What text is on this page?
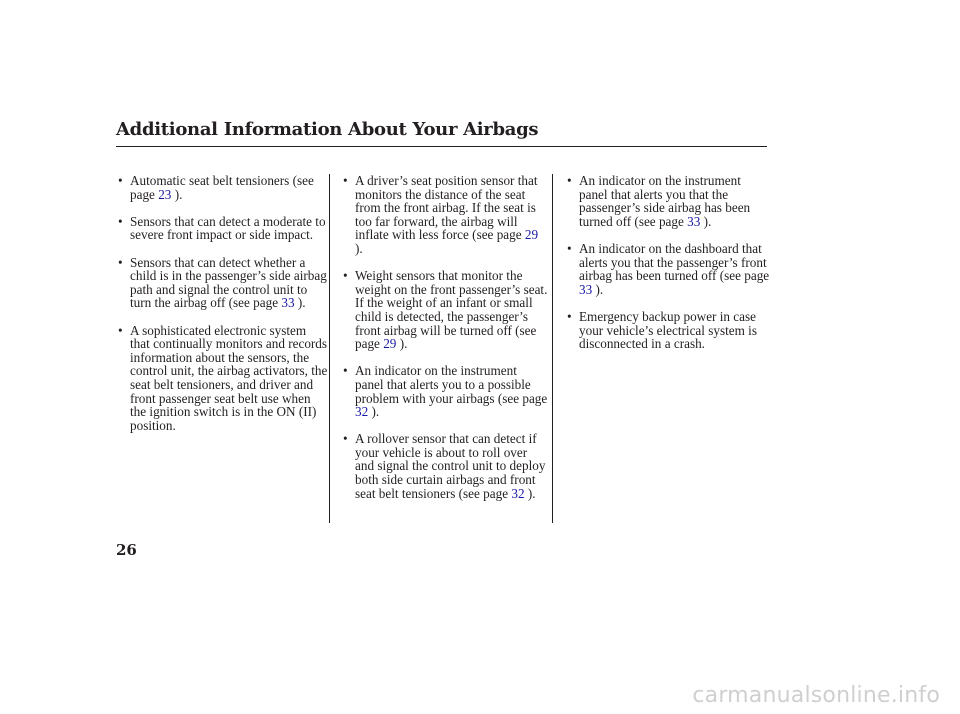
Additional Information About Your Airbags
• Automatic seat belt tensioners (see page 23 ).
• Sensors that can detect a moderate to severe front impact or side impact.
• Sensors that can detect whether a child is in the passenger’s side airbag path and signal the control unit to turn the airbag off (see page 33 ).
• A sophisticated electronic system that continually monitors and records information about the sensors, the control unit, the airbag activators, the seat belt tensioners, and driver and front passenger seat belt use when the ignition switch is in the ON (II) position.
• A driver’s seat position sensor that monitors the distance of the seat from the front airbag. If the seat is too far forward, the airbag will inflate with less force (see page 29 ).
• Weight sensors that monitor the weight on the front passenger’s seat. If the weight of an infant or small child is detected, the passenger’s front airbag will be turned off (see page 29 ).
• An indicator on the instrument panel that alerts you to a possible problem with your airbags (see page 32 ).
• A rollover sensor that can detect if your vehicle is about to roll over and signal the control unit to deploy both side curtain airbags and front seat belt tensioners (see page 32 ).
• An indicator on the instrument panel that alerts you that the passenger’s side airbag has been turned off (see page 33 ).
• An indicator on the dashboard that alerts you that the passenger’s front airbag has been turned off (see page 33 ).
• Emergency backup power in case your vehicle’s electrical system is disconnected in a crash.
26
carmanualsonline.info
